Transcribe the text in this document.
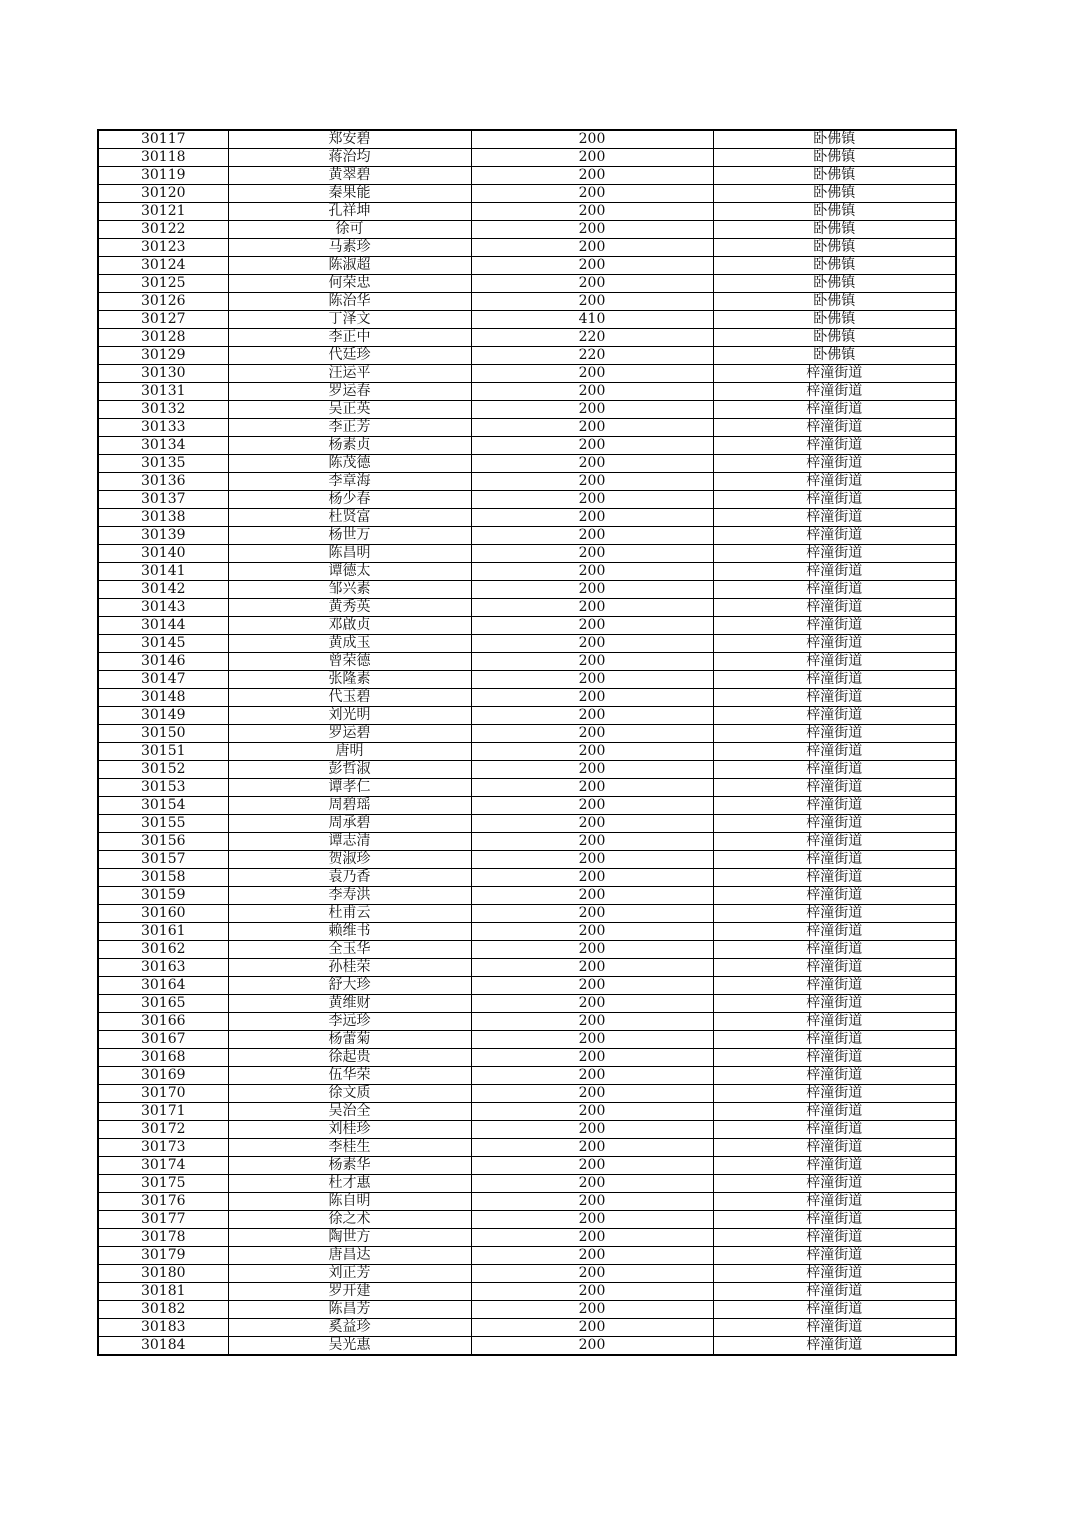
30117	郑安碧	200	卧佛镇
30118	蒋治均	200	卧佛镇
30119	黄翠碧	200	卧佛镇
30120	秦果能	200	卧佛镇
30121	孔祥坤	200	卧佛镇
30122	徐可	200	卧佛镇
30123	马素珍	200	卧佛镇
30124	陈淑超	200	卧佛镇
30125	何荣忠	200	卧佛镇
30126	陈治华	200	卧佛镇
30127	丁泽文	410	卧佛镇
30128	李正中	220	卧佛镇
30129	代廷珍	220	卧佛镇
30130	汪运平	200	梓潼街道
30131	罗运春	200	梓潼街道
30132	吴正英	200	梓潼街道
30133	李正芳	200	梓潼街道
30134	杨素贞	200	梓潼街道
30135	陈茂德	200	梓潼街道
30136	李章海	200	梓潼街道
30137	杨少春	200	梓潼街道
30138	杜贤富	200	梓潼街道
30139	杨世万	200	梓潼街道
30140	陈昌明	200	梓潼街道
30141	谭德太	200	梓潼街道
30142	邹兴素	200	梓潼街道
30143	黄秀英	200	梓潼街道
30144	邓啟贞	200	梓潼街道
30145	黄成玉	200	梓潼街道
30146	曾荣德	200	梓潼街道
30147	张隆素	200	梓潼街道
30148	代玉碧	200	梓潼街道
30149	刘光明	200	梓潼街道
30150	罗运碧	200	梓潼街道
30151	唐明	200	梓潼街道
30152	彭哲淑	200	梓潼街道
30153	谭孝仁	200	梓潼街道
30154	周碧瑶	200	梓潼街道
30155	周承碧	200	梓潼街道
30156	谭志清	200	梓潼街道
30157	贺淑珍	200	梓潼街道
30158	袁乃香	200	梓潼街道
30159	李寿洪	200	梓潼街道
30160	杜甫云	200	梓潼街道
30161	赖维书	200	梓潼街道
30162	全玉华	200	梓潼街道
30163	孙桂荣	200	梓潼街道
30164	舒大珍	200	梓潼街道
30165	黄维财	200	梓潼街道
30166	李远珍	200	梓潼街道
30167	杨蕾菊	200	梓潼街道
30168	徐起贵	200	梓潼街道
30169	伍华荣	200	梓潼街道
30170	徐文质	200	梓潼街道
30171	吴治全	200	梓潼街道
30172	刘桂珍	200	梓潼街道
30173	李桂生	200	梓潼街道
30174	杨素华	200	梓潼街道
30175	杜才惠	200	梓潼街道
30176	陈自明	200	梓潼街道
30177	徐之术	200	梓潼街道
30178	陶世方	200	梓潼街道
30179	唐昌达	200	梓潼街道
30180	刘正芳	200	梓潼街道
30181	罗开建	200	梓潼街道
30182	陈昌芳	200	梓潼街道
30183	奚益珍	200	梓潼街道
30184	吴光惠	200	梓潼街道
